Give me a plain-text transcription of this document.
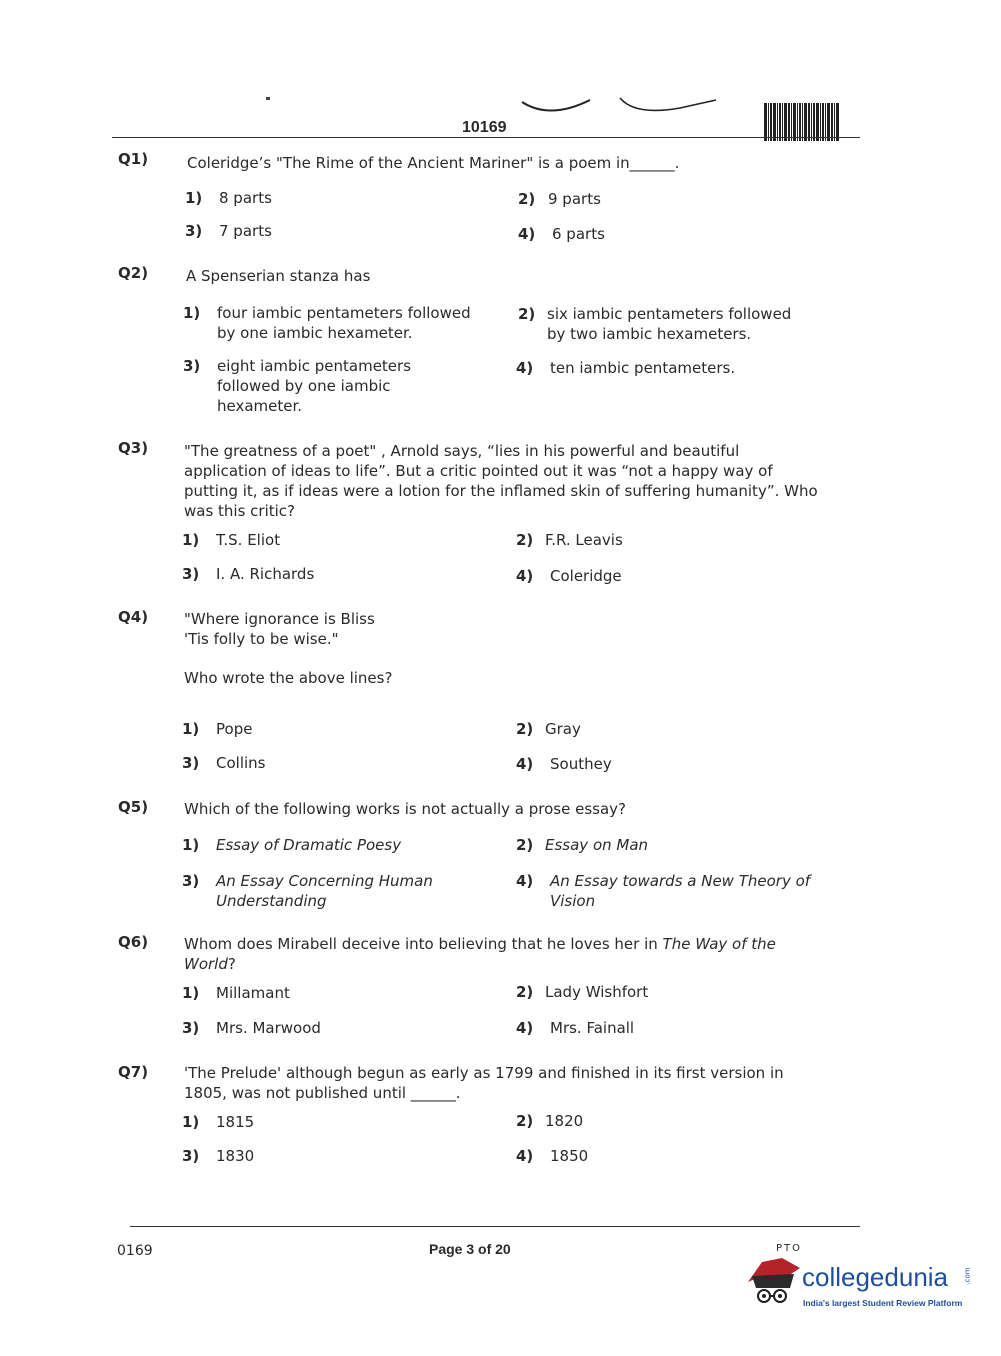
10169
Q1)	Coleridge’s "The Rime of the Ancient Mariner" is a poem in______.
1)	8 parts	2) 9 parts
3)	7 parts	4)	6 parts
Q2)	A Spenserian stanza has
1)	four iambic pentameters followed by one iambic hexameter.
2) six iambic pentameters followed by two iambic hexameters.
3)	eight iambic pentameters followed by one iambic hexameter.
4)	ten iambic pentameters.
Q3) "The greatness of a poet" , Arnold says, “lies in his powerful and beautiful application of ideas to life”. But a critic pointed out it was “not a happy way of putting it, as if ideas were a lotion for the inflamed skin of suffering humanity”. Who was this critic?
1)	T.S. Eliot	2) F.R. Leavis
3)	I. A. Richards	4)	Coleridge
Q4) "Where ignorance is Bliss
'Tis folly to be wise."
Who wrote the above lines?
1)	Pope	2) Gray
3)	Collins	4)	Southey
Q5) Which of the following works is not actually a prose essay?
1)	Essay of Dramatic Poesy	2) Essay on Man
3)	An Essay Concerning Human Understanding
4)	An Essay towards a New Theory of Vision
Q6) Whom does Mirabell deceive into believing that he loves her in The Way of the World?
1)	Millamant	2) Lady Wishfort
3)	Mrs. Marwood	4)	Mrs. Fainall
Q7) 'The Prelude' although begun as early as 1799 and finished in its first version in 1805, was not published until ______.
1)	1815	2) 1820
3)	1830	4)	1850
0169	Page 3 of 20	PTO
collegedunia .com
India's largest Student Review Platform
